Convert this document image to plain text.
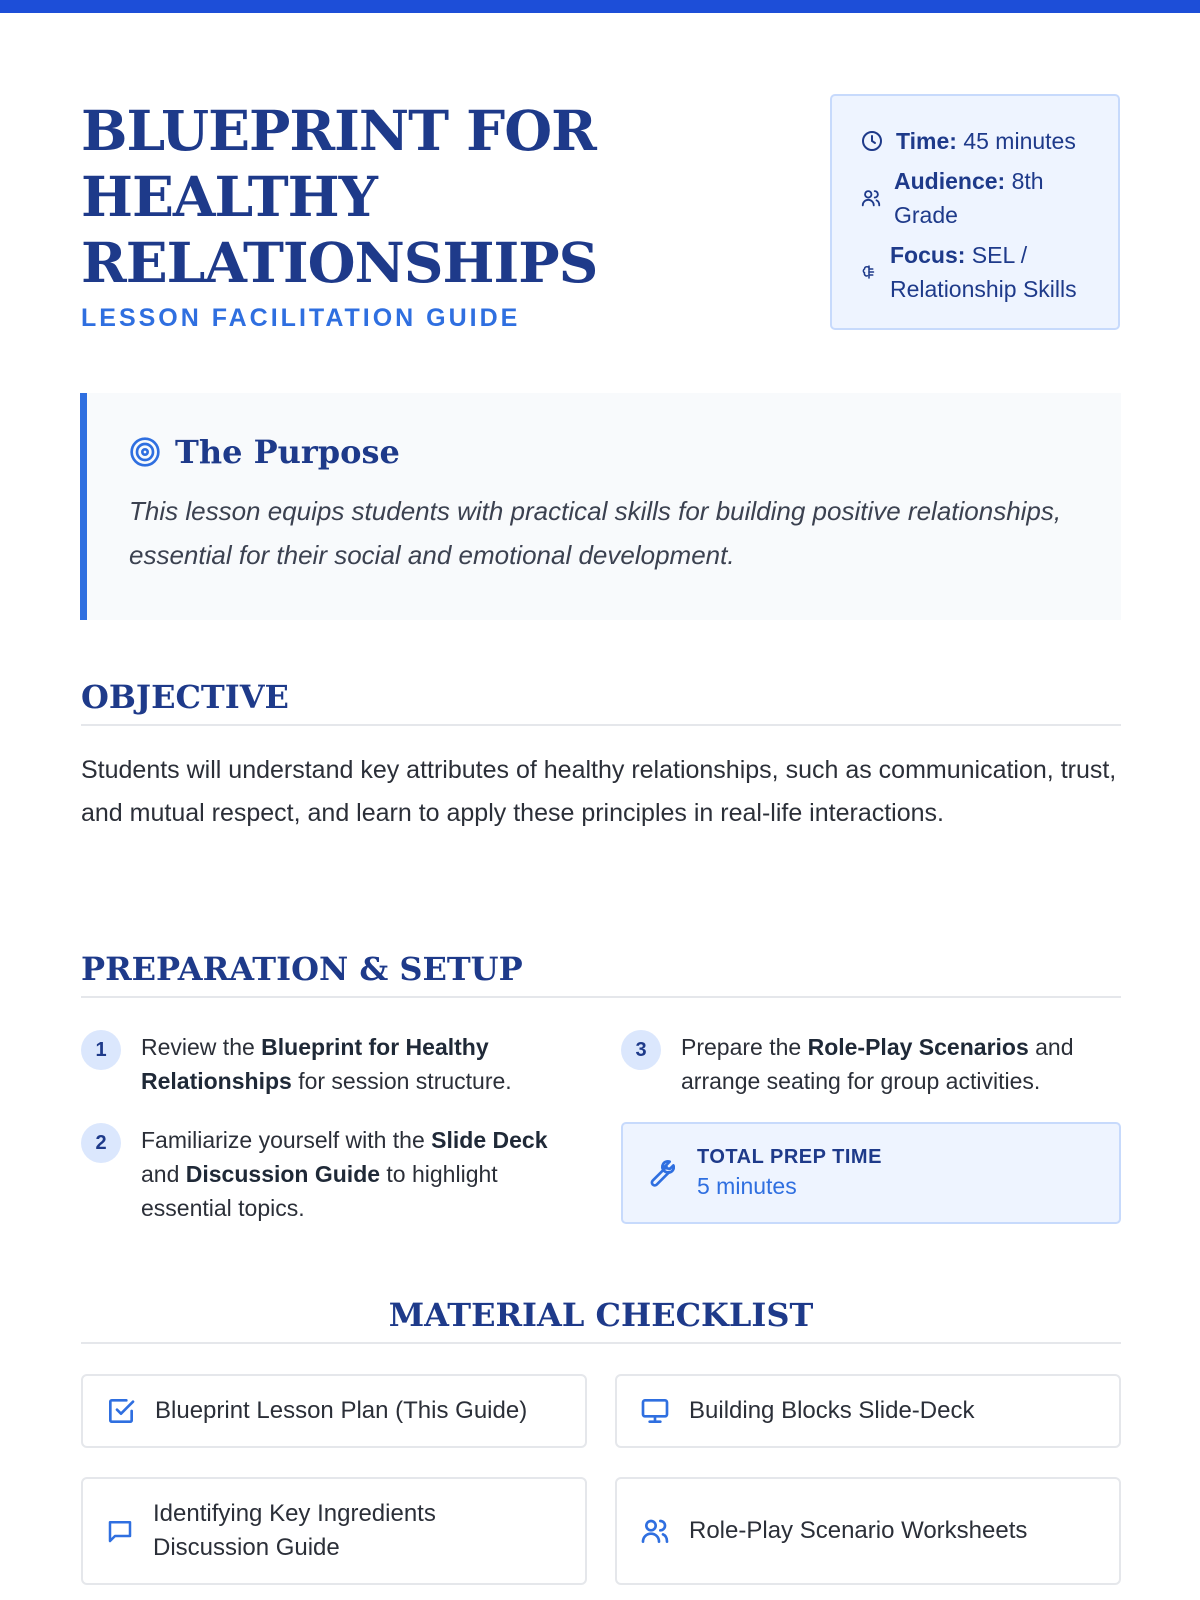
BLUEPRINT FOR HEALTHY RELATIONSHIPS
LESSON FACILITATION GUIDE
Time: 45 minutes
Audience: 8th Grade
Focus: SEL / Relationship Skills
The Purpose

This lesson equips students with practical skills for building positive relationships, essential for their social and emotional development.

OBJECTIVE

Students will understand key attributes of healthy relationships, such as communication, trust, and mutual respect, and learn to apply these principles in real-life interactions.

PREPARATION & SETUP
1	Review the Blueprint for Healthy Relationships for session structure.
2	Familiarize yourself with the Slide Deck and Discussion Guide to highlight essential topics.
3	Prepare the Role-Play Scenarios and arrange seating for group activities.
TOTAL PREP TIME
5 minutes
MATERIAL CHECKLIST
Blueprint Lesson Plan (This Guide)	Building Blocks Slide-Deck
Identifying Key Ingredients Discussion Guide
Role-Play Scenario Worksheets
